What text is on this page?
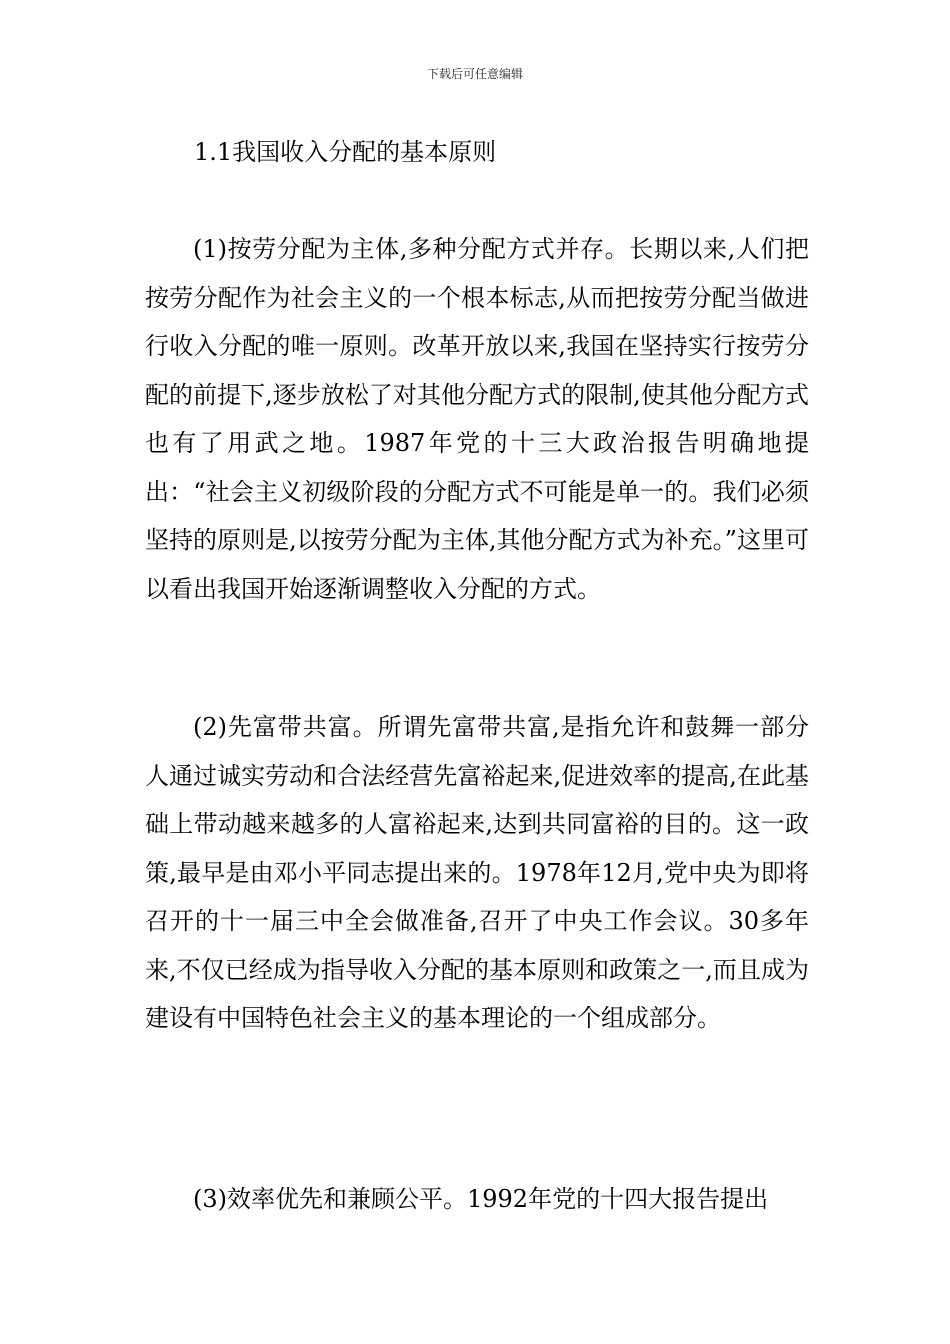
下载后可任意编辑
1.1我国收入分配的基本原则

(1)按劳分配为主体,多种分配方式并存。长期以来,人们把按劳分配作为社会主义的一个根本标志,从而把按劳分配当做进行收入分配的唯一原则。改革开放以来,我国在坚持实行按劳分配的前提下,逐步放松了对其他分配方式的限制,使其他分配方式也有了用武之地。1987年党的十三大政治报告明确地提出：“社会主义初级阶段的分配方式不可能是单一的。我们必须坚持的原则是,以按劳分配为主体,其他分配方式为补充。”这里可以看出我国开始逐渐调整收入分配的方式。

(2)先富带共富。所谓先富带共富,是指允许和鼓舞一部分人通过诚实劳动和合法经营先富裕起来,促进效率的提高,在此基础上带动越来越多的人富裕起来,达到共同富裕的目的。这一政策,最早是由邓小平同志提出来的。1978年12月,党中央为即将召开的十一届三中全会做准备,召开了中央工作会议。30多年来,不仅已经成为指导收入分配的基本原则和政策之一,而且成为建设有中国特色社会主义的基本理论的一个组成部分。

(3)效率优先和兼顾公平。1992年党的十四大报告提出
